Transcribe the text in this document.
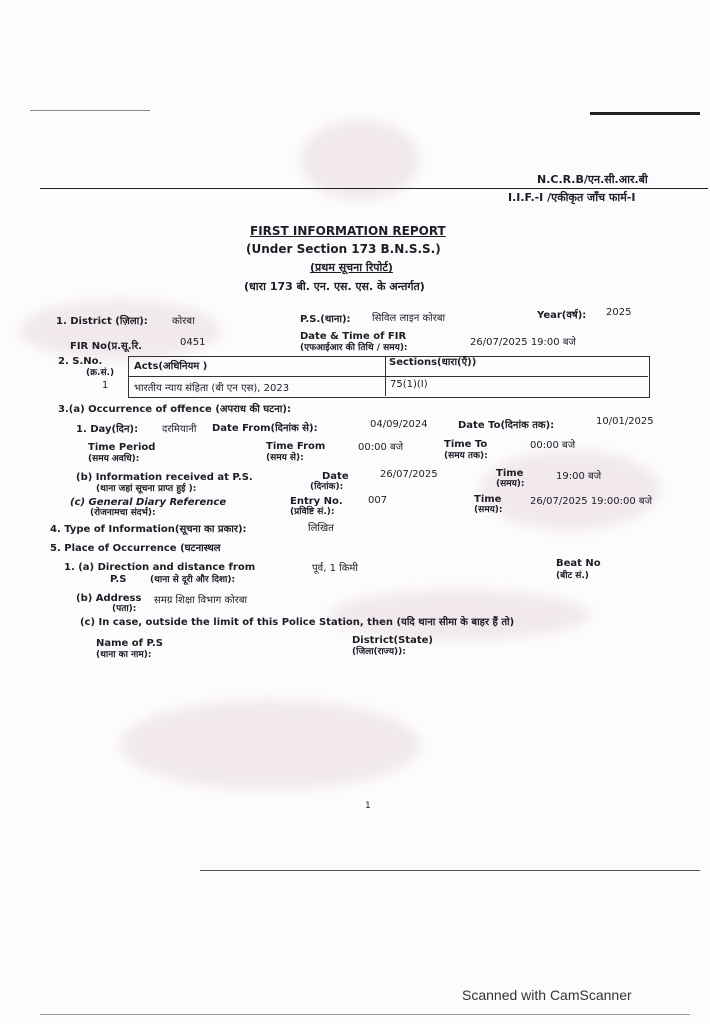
N.C.R.B/एन.सी.आर.बी
I.I.F.-I /एकीकृत जाँच फार्म-I
FIRST INFORMATION REPORT
(Under Section 173 B.N.S.S.)
(प्रथम सूचना रिपोर्ट)
(धारा 173 बी. एन. एस. एस. के अन्तर्गत)
1. District (ज़िला): कोरबा	P.S.(थाना): सिविल लाइन कोरबा	Year(वर्ष): 2025
FIR No(प्र.सू.रि.	0451
Date & Time of FIR
(एफआईआर की तिथि / समय):	26/07/2025 19:00 बजे
2. S.No.
(क्र.सं.)
Acts(अधिनियम )	Sections(धारा(एँ))
1	भारतीय न्याय संहिता (बी एन एस), 2023	75(1)(I)
3.(a) Occurrence of offence (अपराध की घटना):
1. Day(दिन): दरमियानी Date From(दिनांक से):	04/09/2024	Date To(दिनांक तक):	10/01/2025
Time Period
(समय अवधि):
Time From
(समय से):
00:00 बजे	Time To
(समय तक):
00:00 बजे
(b) Information received at P.S.
(थाना जहां सूचना प्राप्त हुई ):
Date
(दिनांक):
26/07/2025	Time
(समय):
19:00 बजे
(c) General Diary Reference
(रोजनामचा संदर्भ):
Entry No.
(प्रविष्टि सं.):
007	Time
(समय):
26/07/2025 19:00:00 बजे
4. Type of Information(सूचना का प्रकार):	लिखित
5. Place of Occurrence (घटनास्थल
1. (a) Direction and distance from
P.S	(थाना से दूरी और दिशा):
पूर्व, 1 किमी	Beat No
(बीट सं.)
(b) Address समग्र शिक्षा विभाग कोरबा
(पता):
(c) In case, outside the limit of this Police Station, then (यदि थाना सीमा के बाहर हैं तो)
Name of P.S
(थाना का नाम):
District(State)
(जिला(राज्य)):
1
Scanned with CamScanner
